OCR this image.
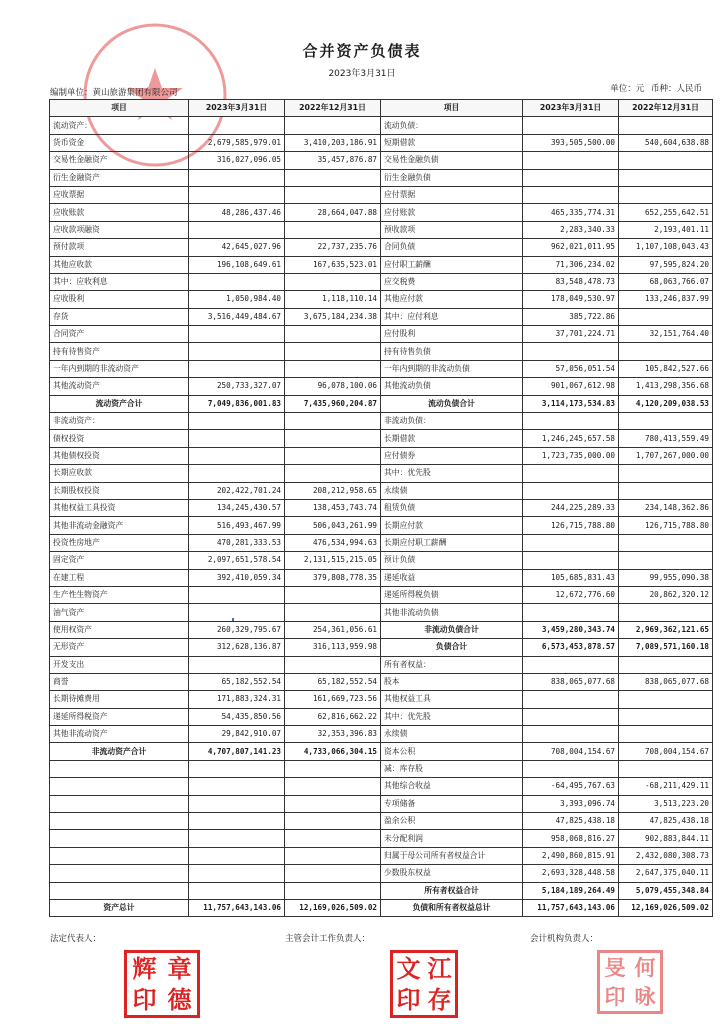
合并资产负债表
2023年3月31日
编制单位：黄山旅游集团有限公司	单位：元 币种：人民币
项目	2023年3月31日	2022年12月31日	项目	2023年3月31日	2022年12月31日
流动资产：			流动负债：		
货币资金	2,679,585,979.01	3,410,203,186.91	短期借款	393,505,500.00	540,604,638.88
交易性金融资产	316,027,096.05	35,457,876.87	交易性金融负债		
衍生金融资产			衍生金融负债		
应收票据			应付票据		
应收账款	48,286,437.46	28,664,047.88	应付账款	465,335,774.31	652,255,642.51
应收款项融资			预收款项	2,283,340.33	2,193,401.11
预付款项	42,645,027.96	22,737,235.76	合同负债	962,021,011.95	1,107,108,043.43
其他应收款	196,108,649.61	167,635,523.01	应付职工薪酬	71,306,234.02	97,595,824.20
其中：应收利息			应交税费	83,548,478.73	68,063,766.07
应收股利	1,050,984.40	1,118,110.14	其他应付款	178,049,530.97	133,246,837.99
存货	3,516,449,484.67	3,675,184,234.38	其中：应付利息	385,722.86	
合同资产			应付股利	37,701,224.71	32,151,764.40
持有待售资产			持有待售负债		
一年内到期的非流动资产			一年内到期的非流动负债	57,056,051.54	105,842,527.66
其他流动资产	250,733,327.07	96,078,100.06	其他流动负债	901,067,612.98	1,413,298,356.68
流动资产合计	7,049,836,001.83	7,435,960,204.87	流动负债合计	3,114,173,534.83	4,120,209,038.53
非流动资产：			非流动负债：		
债权投资			长期借款	1,246,245,657.58	780,413,559.49
其他债权投资			应付债券	1,723,735,000.00	1,707,267,000.00
长期应收款			其中：优先股		
长期股权投资	202,422,701.24	208,212,958.65	永续债		
其他权益工具投资	134,245,430.57	138,453,743.74	租赁负债	244,225,289.33	234,148,362.86
其他非流动金融资产	516,493,467.99	506,043,261.99	长期应付款	126,715,788.80	126,715,788.80
投资性房地产	470,281,333.53	476,534,994.63	长期应付职工薪酬		
固定资产	2,097,651,578.54	2,131,515,215.05	预计负债		
在建工程	392,410,059.34	379,808,778.35	递延收益	105,685,831.43	99,955,090.38
生产性生物资产			递延所得税负债	12,672,776.60	20,862,320.12
油气资产			其他非流动负债		
使用权资产	260,329,795.67	254,361,056.61	非流动负债合计	3,459,280,343.74	2,969,362,121.65
无形资产	312,628,136.87	316,113,959.98	负债合计	6,573,453,878.57	7,089,571,160.18
开发支出			所有者权益：		
商誉	65,182,552.54	65,182,552.54	股本	838,065,077.68	838,065,077.68
长期待摊费用	171,883,324.31	161,669,723.56	其他权益工具		
递延所得税资产	54,435,850.56	62,816,662.22	其中：优先股		
其他非流动资产	29,842,910.07	32,353,396.83	永续债		
非流动资产合计	4,707,807,141.23	4,733,066,304.15	资本公积	708,004,154.67	708,004,154.67
			减：库存股		
			其他综合收益	-64,495,767.63	-68,211,429.11
			专项储备	3,393,096.74	3,513,223.20
			盈余公积	47,825,438.18	47,825,438.18
			未分配利润	958,068,816.27	902,883,844.11
			归属于母公司所有者权益合计	2,490,860,815.91	2,432,080,308.73
			少数股东权益	2,693,328,448.58	2,647,375,040.11
			所有者权益合计	5,184,189,264.49	5,079,455,348.84
资产总计	11,757,643,143.06	12,169,026,509.02	负债和所有者权益总计	11,757,643,143.06	12,169,026,509.02
法定代表人：	主管会计工作负责人：	会计机构负责人：
辉 章
印 德
文 江
印 存
旻 何
印 咏
